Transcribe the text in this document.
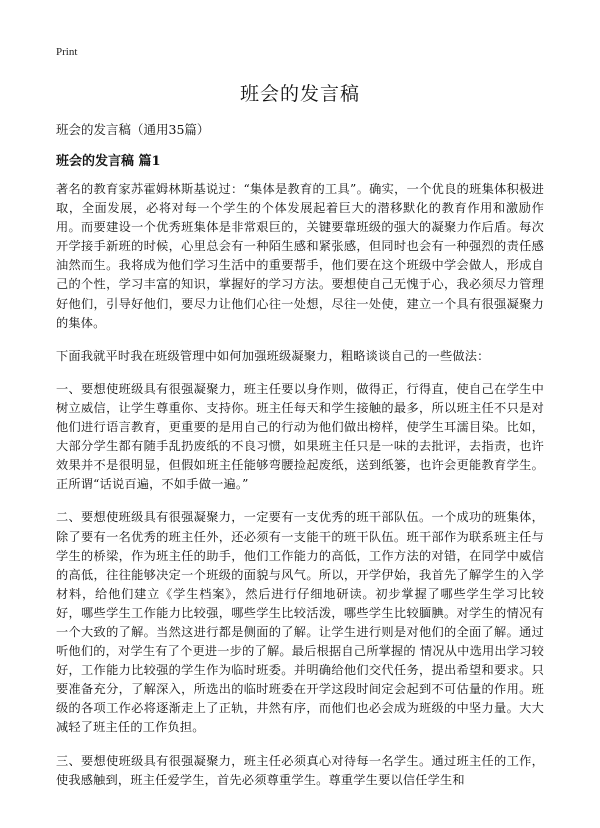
Print
班会的发言稿
班会的发言稿（通用35篇）
班会的发言稿 篇1

著名的教育家苏霍姆林斯基说过：“集体是教育的工具”。确实，一个优良的班集体积极进取，全面发展，必将对每一个学生的个体发展起着巨大的潜移默化的教育作用和激励作用。而要建设一个优秀班集体是非常艰巨的，关键要靠班级的强大的凝聚力作后盾。每次开学接手新班的时候，心里总会有一种陌生感和紧张感，但同时也会有一种强烈的责任感油然而生。我将成为他们学习生活中的重要帮手，他们要在这个班级中学会做人，形成自己的个性，学习丰富的知识，掌握好的学习方法。要想使自己无愧于心，我必须尽力管理好他们，引导好他们，要尽力让他们心往一处想，尽往一处使，建立一个具有很强凝聚力的集体。

下面我就平时我在班级管理中如何加强班级凝聚力，粗略谈谈自己的一些做法：

一、要想使班级具有很强凝聚力，班主任要以身作则，做得正，行得直，使自己在学生中树立威信，让学生尊重你、支持你。班主任每天和学生接触的最多，所以班主任不只是对他们进行语言教育，更重要的是用自己的行动为他们做出榜样，使学生耳濡目染。比如，大部分学生都有随手乱扔废纸的不良习惯，如果班主任只是一味的去批评，去指责，也许效果并不是很明显，但假如班主任能够弯腰捡起废纸，送到纸篓，也许会更能教育学生。正所谓“话说百遍，不如手做一遍。”

二、要想使班级具有很强凝聚力，一定要有一支优秀的班干部队伍。一个成功的班集体，除了要有一名优秀的班主任外，还必须有一支能干的班干队伍。班干部作为联系班主任与学生的桥梁，作为班主任的助手，他们工作能力的高低，工作方法的对错，在同学中威信的高低，往往能够决定一个班级的面貌与风气。所以，开学伊始，我首先了解学生的入学材料，给他们建立《学生档案》，然后进行仔细地研读。初步掌握了哪些学生学习比较好，哪些学生工作能力比较强，哪些学生比较活泼，哪些学生比较腼腆。对学生的情况有一个大致的了解。当然这进行都是侧面的了解。让学生进行则是对他们的全面了解。通过听他们的，对学生有了个更进一步的了解。最后根据自己所掌握的 情况从中选用出学习较好，工作能力比较强的学生作为临时班委。并明确给他们交代任务，提出希望和要求。只要准备充分，了解深入，所选出的临时班委在开学这段时间定会起到不可估量的作用。班级的各项工作必将逐渐走上了正轨，井然有序，而他们也必会成为班级的中坚力量。大大减轻了班主任的工作负担。

三、要想使班级具有很强凝聚力，班主任必须真心对待每一名学生。通过班主任的工作，使我感触到，班主任爱学生，首先必须尊重学生。尊重学生要以信任学生和
